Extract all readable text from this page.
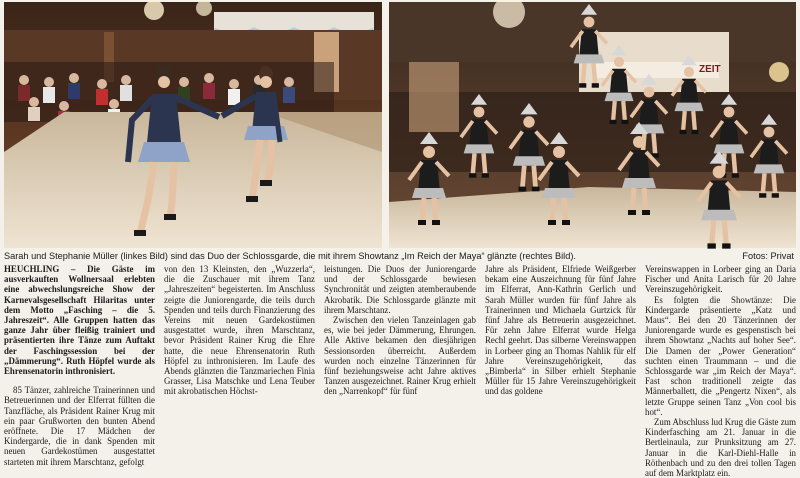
ZEIT
Sarah und Stephanie Müller (linkes Bild) sind das Duo der Schlossgarde, die mit ihrem Showtanz „Im Reich der Maya“ glänzte (rechtes Bild).	Fotos: Privat

HEUCHLING – Die Gäste im ausverkauften Wollnersaal erlebten eine abwechslungsreiche Show der Karnevalsgesellschaft Hilaritas unter dem Motto „Fasching – die 5. Jahreszeit“. Alle Gruppen hatten das ganze Jahr über fleißig trainiert und präsentierten ihre Tänze zum Auftakt der Faschingssession bei der „Dämmerung“. Ruth Höpfel wurde als Ehrensenatorin inthronisiert.

85 Tänzer, zahlreiche Trainerinnen und Betreuerinnen und der Elferrat füllten die Tanzfläche, als Präsident Rainer Krug mit ein paar Grußworten den bunten Abend eröffnete. Die 17 Mädchen der Kindergarde, die in dank Spenden mit neuen Gardekostümen ausgestattet starteten mit ihrem Marschtanz, gefolgt

von den 13 Kleinsten, den „Wuzzerla“, die die Zuschauer mit ihrem Tanz „Jahreszeiten“ begeisterten. Im Anschluss zeigte die Juniorengarde, die teils durch Spenden und teils durch Finanzierung des Vereins mit neuen Gardekostümen ausgestattet wurde, ihren Marschtanz, bevor Präsident Rainer Krug die Ehre hatte, die neue Ehrensenatorin Ruth Höpfel zu inthronisieren. Im Laufe des Abends glänzten die Tanzmariechen Finia Grasser, Lisa Matschke und Lena Teuber mit akrobatischen Höchst-

leistungen. Die Duos der Juniorengarde und der Schlossgarde bewiesen Synchronität und zeigten atemberaubende Akrobatik. Die Schlossgarde glänzte mit ihrem Marschtanz.

Zwischen den vielen Tanzeinlagen gab es, wie bei jeder Dämmerung, Ehrungen. Alle Aktive bekamen den diesjährigen Sessionsorden überreicht. Außerdem wurden noch einzelne Tänzerinnen für fünf beziehungsweise acht Jahre aktives Tanzen ausgezeichnet. Rainer Krug erhielt den „Narrenkopf“ für fünf

Jahre als Präsident, Elfriede Weißgerber bekam eine Auszeichnung für fünf Jahre im Elferrat, Ann-Kathrin Gerlich und Sarah Müller wurden für fünf Jahre als Trainerinnen und Michaela Gurtzick für fünf Jahre als Betreuerin ausgezeichnet. Für zehn Jahre Elferrat wurde Helga Rechl geehrt. Das silberne Vereinswappen in Lorbeer ging an Thomas Nahlik für elf Jahre Vereinszugehörigkeit, das „Bimberla“ in Silber erhielt Stephanie Müller für 15 Jahre Vereinszugehörigkeit und das goldene

Vereinswappen in Lorbeer ging an Daria Fischer und Anita Larisch für 20 Jahre Vereinszugehörigkeit.

Es folgten die Showtänze: Die Kindergarde präsentierte „Katz und Maus“. Bei den 20 Tänzerinnen der Juniorengarde wurde es gespenstisch bei ihrem Showtanz „Nachts auf hoher See“. Die Damen der „Power Generation“ suchten einen Traummann – und die Schlossgarde war „im Reich der Maya“. Fast schon traditionell zeigte das Männerballett, die „Pengertz Nixen“, als letzte Gruppe seinen Tanz „Von cool bis hot“.

Zum Abschluss lud Krug die Gäste zum Kinderfasching am 21. Januar in die Bertleinaula, zur Prunksitzung am 27. Januar in die Karl-Diehl-Halle in Röthenbach und zu den drei tollen Tagen auf dem Marktplatz ein.
